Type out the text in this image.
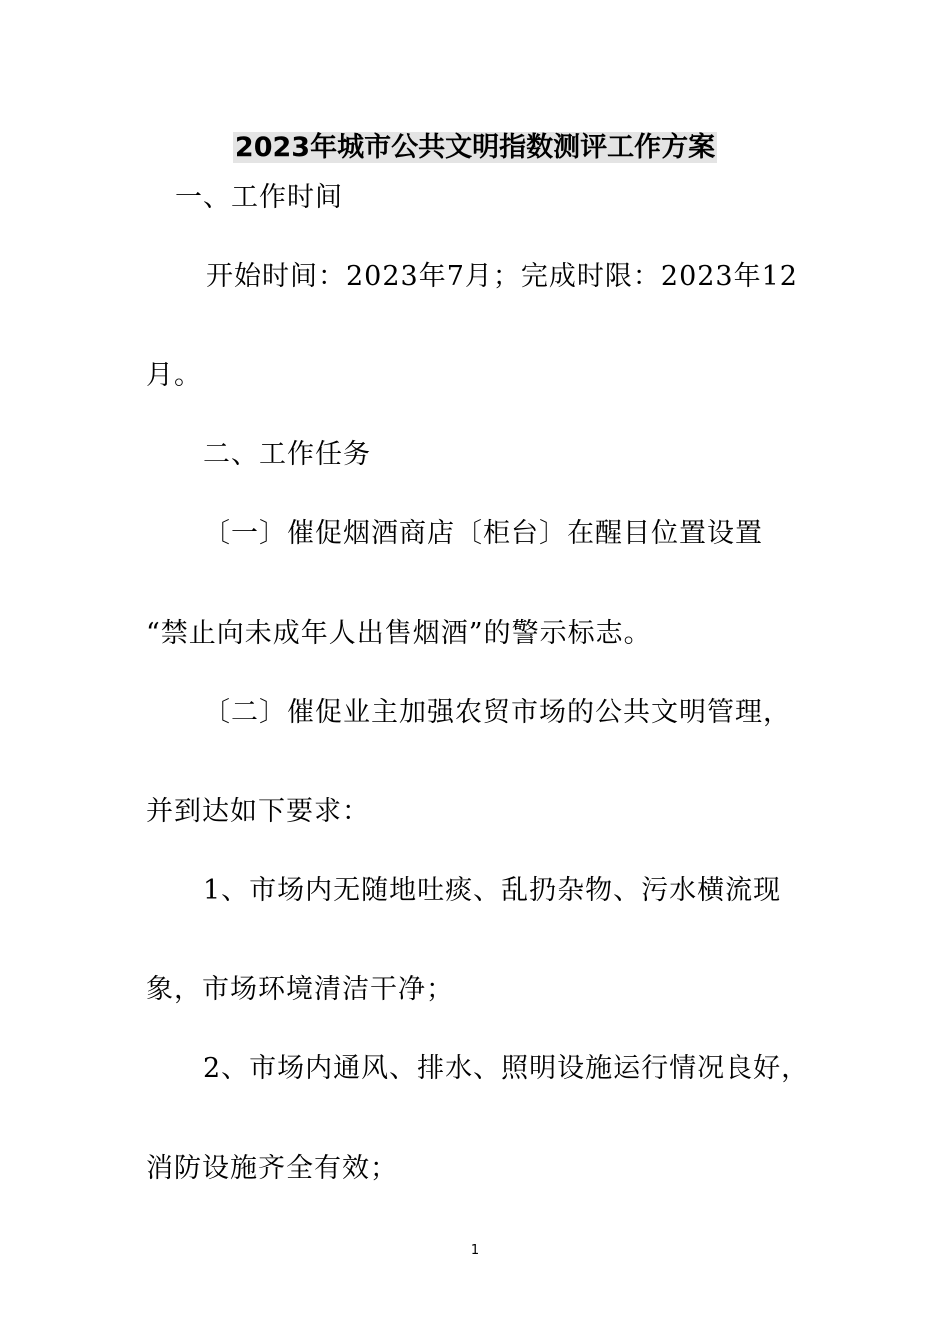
2023年城市公共文明指数测评工作方案

一、工作时间

开始时间：2023年7月；完成时限：2023年12

月。

二、工作任务

〔一〕催促烟酒商店〔柜台〕在醒目位置设置

“禁止向未成年人出售烟酒”的警示标志。

〔二〕催促业主加强农贸市场的公共文明管理，

并到达如下要求：

1、市场内无随地吐痰、乱扔杂物、污水横流现

象，市场环境清洁干净；

2、市场内通风、排水、照明设施运行情况良好，

消防设施齐全有效；

1
